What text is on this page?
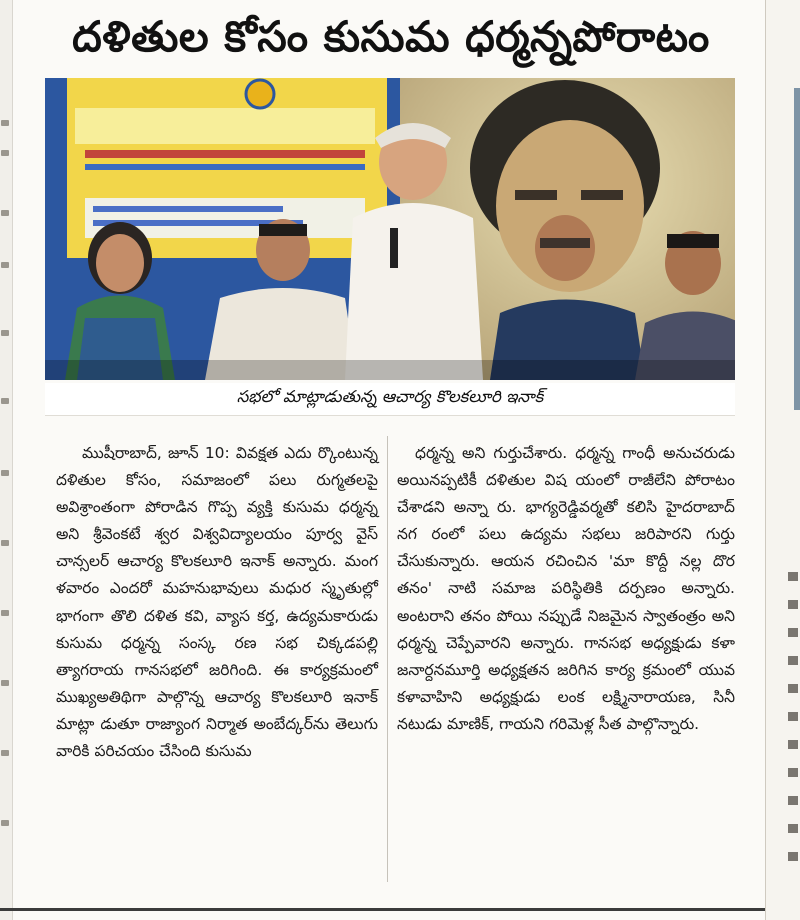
దళితుల కోసం కుసుమ ధర్మన్నపోరాటం
సభలో మాట్లాడుతున్న ఆచార్య కొలకలూరి ఇనాక్

ముషీరాబాద్, జూన్ 10: వివక్షత ఎదు ర్కొంటున్న దళితుల కోసం, సమాజంలో పలు రుగ్మతలపై అవిశ్రాంతంగా పోరాడిన గొప్ప వ్యక్తి కుసుమ ధర్మన్న అని శ్రీవెంకటే శ్వర విశ్వవిద్యాలయం పూర్వ వైస్ చాన్సలర్ ఆచార్య కొలకలూరి ఇనాక్ అన్నారు. మంగ ళవారం ఎందరో మహనుభావులు మధుర స్మృతుల్లో భాగంగా తొలి దళిత కవి, వ్యాస కర్త, ఉద్యమకారుడు కుసుమ ధర్మన్న సంస్క రణ సభ చిక్కడపల్లి త్యాగరాయ గానసభలో జరిగింది. ఈ కార్యక్రమంలో ముఖ్యఅతిథిగా పాల్గొన్న ఆచార్య కొలకలూరి ఇనాక్ మాట్లా డుతూ రాజ్యాంగ నిర్మాత అంబేద్కర్‌ను తెలుగు వారికి పరిచయం చేసింది కుసుమ

ధర్మన్న అని గుర్తుచేశారు. ధర్మన్న గాంధీ అనుచరుడు అయినప్పటికీ దళితుల విష యంలో రాజీలేని పోరాటం చేశాడని అన్నా రు. భాగ్యరెడ్డివర్మతో కలిసి హైదరాబాద్ నగ రంలో పలు ఉద్యమ సభలు జరిపారని గుర్తు చేసుకున్నారు. ఆయన రచించిన 'మా కొద్దీ నల్ల దొర తనం' నాటి సమాజ పరిస్థితికి దర్పణం అన్నారు. అంటరాని తనం పోయి నప్పుడే నిజమైన స్వాతంత్రం అని ధర్మన్న చెప్పేవారని అన్నారు. గానసభ అధ్యక్షుడు కళా జనార్దనమూర్తి అధ్యక్షతన జరిగిన కార్య క్రమంలో యువ కళావాహిని అధ్యక్షుడు లంక లక్ష్మినారాయణ, సినీ నటుడు మాణిక్, గాయని గరిమెళ్ల సీత పాల్గొన్నారు.
